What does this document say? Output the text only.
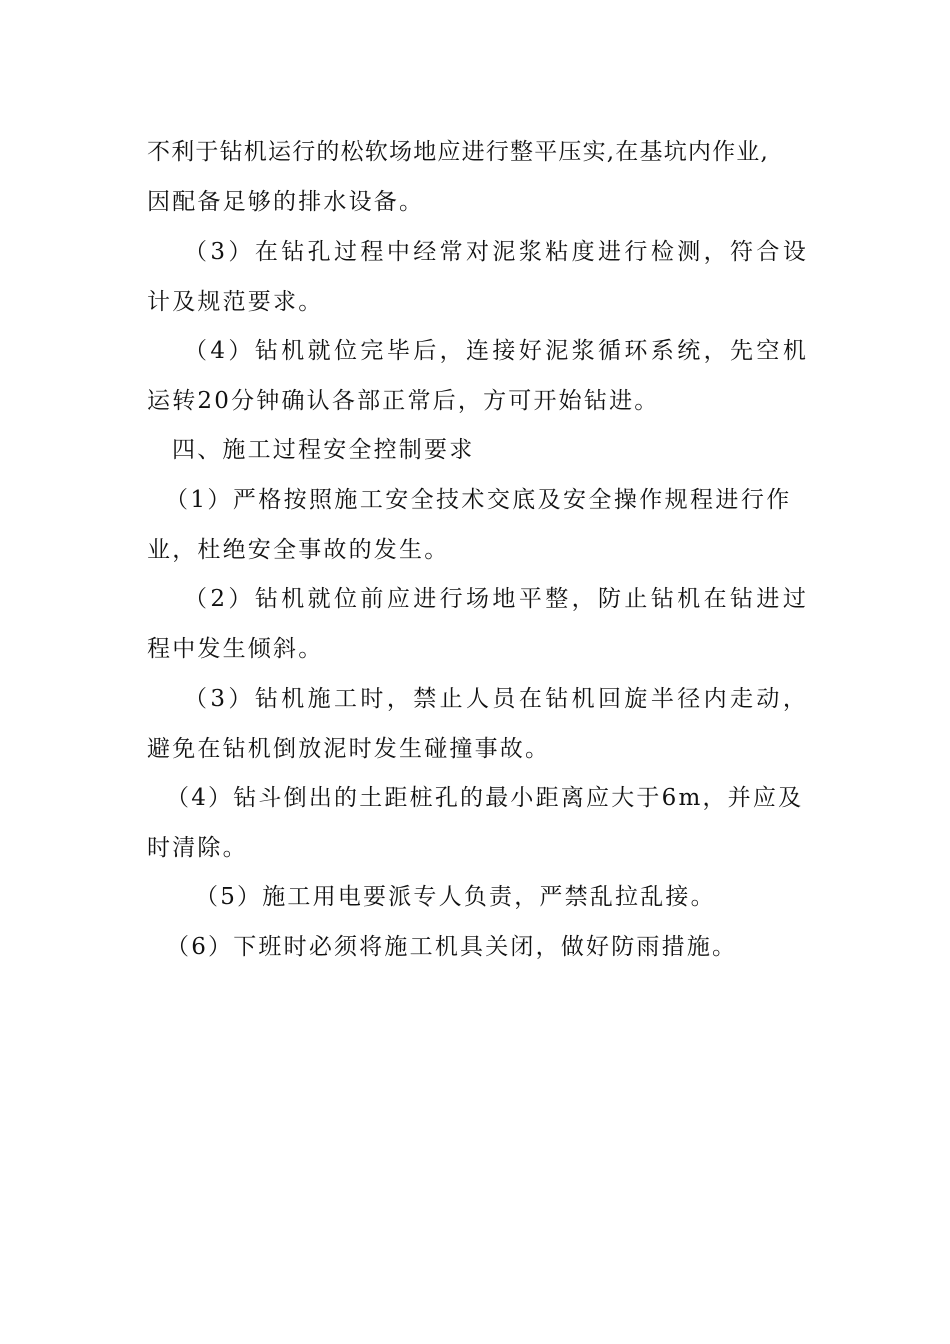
不利于钻机运行的松软场地应进行整平压实,在基坑内作业,
因配备足够的排水设备。
（3）在钻孔过程中经常对泥浆粘度进行检测，符合设
计及规范要求。
（4）钻机就位完毕后，连接好泥浆循环系统，先空机
运转20分钟确认各部正常后，方可开始钻进。
四、施工过程安全控制要求
（1）严格按照施工安全技术交底及安全操作规程进行作
业，杜绝安全事故的发生。
（2）钻机就位前应进行场地平整，防止钻机在钻进过
程中发生倾斜。
（3）钻机施工时，禁止人员在钻机回旋半径内走动，
避免在钻机倒放泥时发生碰撞事故。
（4）钻斗倒出的土距桩孔的最小距离应大于6m，并应及
时清除。
（5）施工用电要派专人负责，严禁乱拉乱接。
（6）下班时必须将施工机具关闭，做好防雨措施。
